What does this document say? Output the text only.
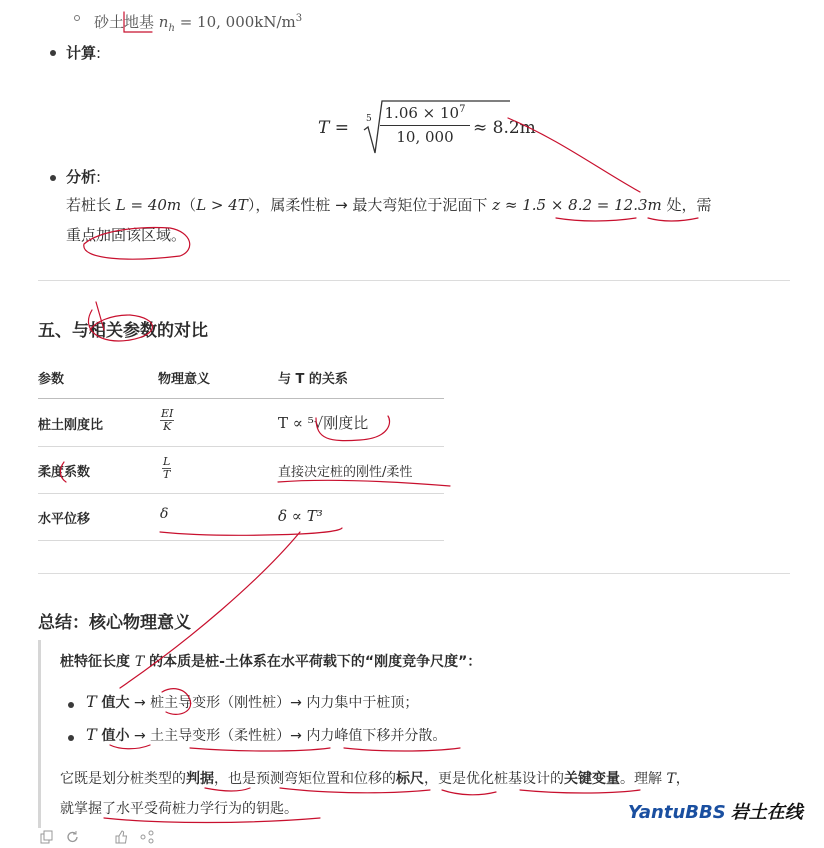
砂土地基 $n_h = 10$, $000kN/m^3$
计算:
$T = 5 \frac{1.06 \times 10^7}{10, 000} \approx 8.2m$
分析:
若桩长 L = 40m（L > 4T），属柔性桩 → 最大弯矩位于泥面下 z ≈ 1.5 × 8.2 = 12.3m 处，需
重点加固该区域。
五、与相关参数的对比
参数	物理意义	与 T 的关系
桩土刚度比	$\frac{EI}{K}$	T ∝ ⁵√刚度比
柔度系数	$\frac{L}{T}$	直接决定桩的刚性/柔性
水平位移	δ	δ ∝ T³
总结：核心物理意义
桩特征长度 T 的本质是桩-土体系在水平荷载下的“刚度竞争尺度”：
T 值大 → 桩主导变形（刚性桩）→ 内力集中于桩顶；
T 值小 → 土主导变形（柔性桩）→ 内力峰值下移并分散。
它既是划分桩类型的判据，也是预测弯矩位置和位移的标尺，更是优化桩基设计的关键变量。理解 T，
就掌握了水平受荷桩力学行为的钥匙。	YantuBBS 岩土在线
